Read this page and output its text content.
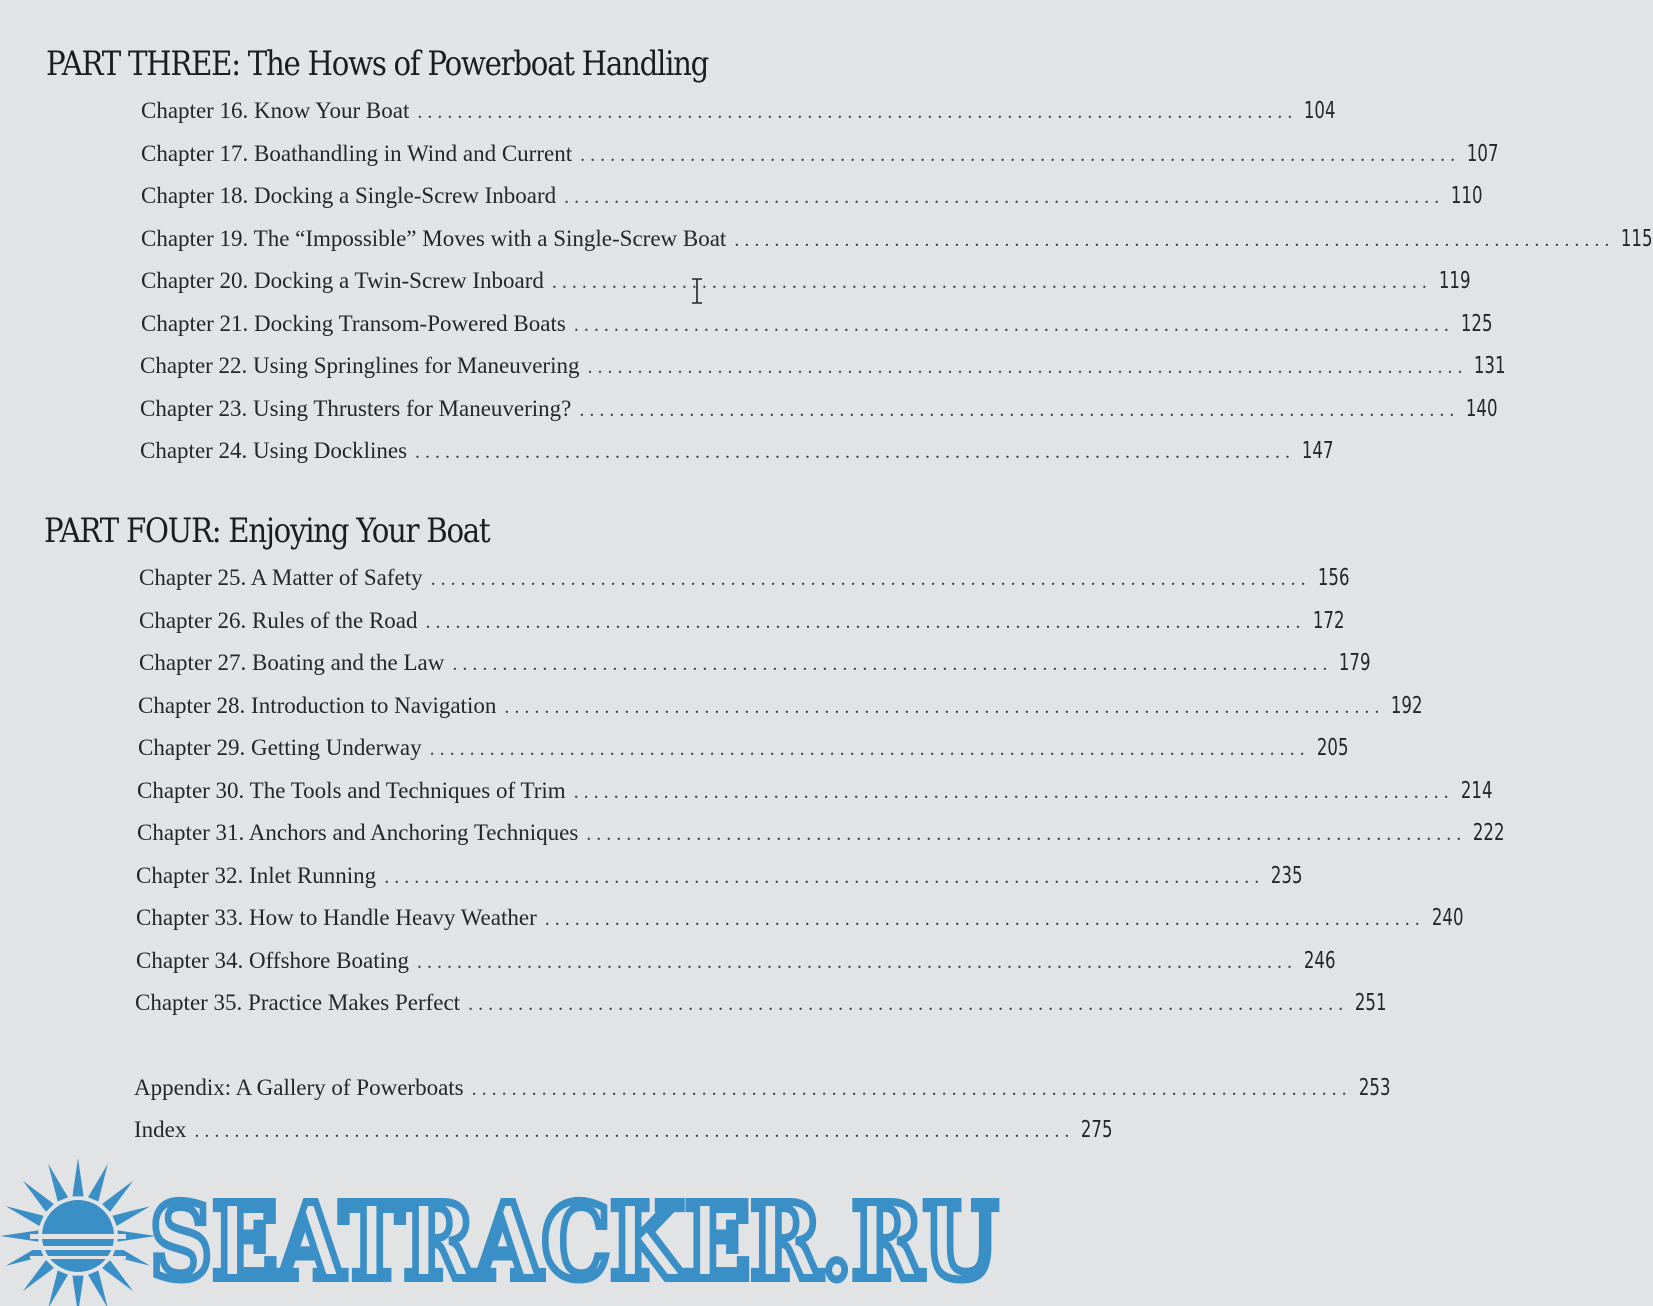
PART THREE: The Hows of Powerboat Handling
Chapter 16. Know Your Boat . . .	104
Chapter 17. Boathandling in Wind and Current . . .	107
Chapter 18. Docking a Single-Screw Inboard . . .	110
Chapter 19. The “Impossible” Moves with a Single-Screw Boat . . .	115
Chapter 20. Docking a Twin-Screw Inboard . . .	119
Chapter 21. Docking Transom-Powered Boats . . .	125
Chapter 22. Using Springlines for Maneuvering . . .	131
Chapter 23. Using Thrusters for Maneuvering? . . .	140
Chapter 24. Using Docklines . . .	147
PART FOUR: Enjoying Your Boat
Chapter 25. A Matter of Safety . . .	156
Chapter 26. Rules of the Road . . .	172
Chapter 27. Boating and the Law . . .	179
Chapter 28. Introduction to Navigation . . .	192
Chapter 29. Getting Underway . . .	205
Chapter 30. The Tools and Techniques of Trim . . .	214
Chapter 31. Anchors and Anchoring Techniques . . .	222
Chapter 32. Inlet Running . . .	235
Chapter 33. How to Handle Heavy Weather . . .	240
Chapter 34. Offshore Boating . . .	246
Chapter 35. Practice Makes Perfect . . .	251
Appendix: A Gallery of Powerboats . . .	253
Index . . .	275
SEATRACKER.RU
